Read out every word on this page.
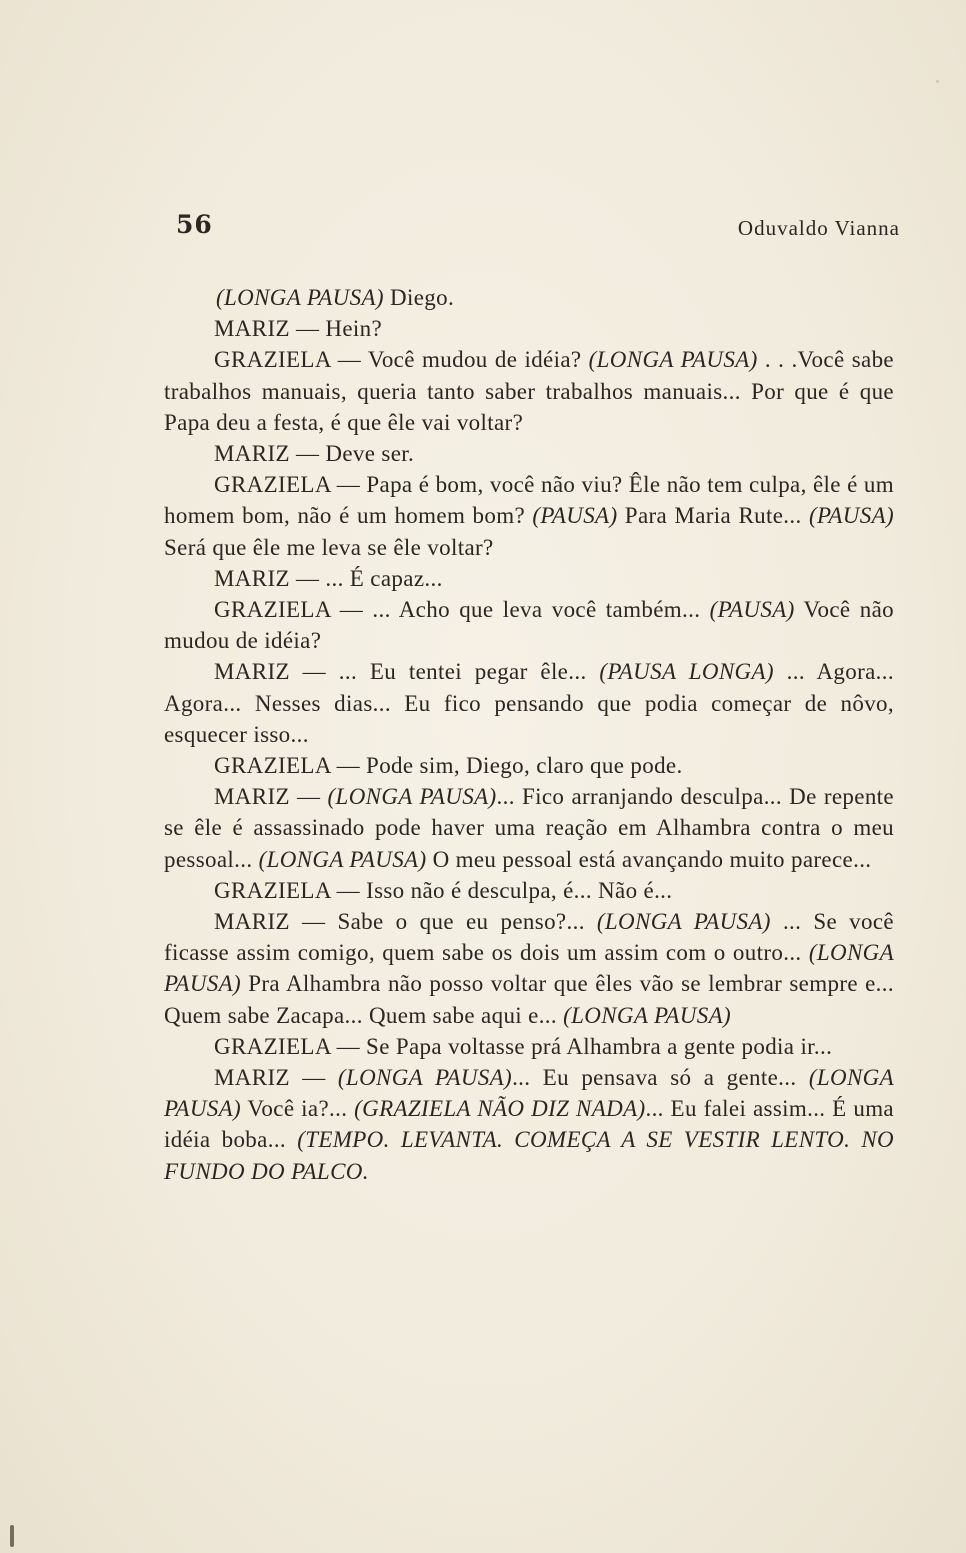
56	Oduvaldo Vianna

(LONGA PAUSA) Diego.

MARIZ — Hein?

GRAZIELA — Você mudou de idéia? (LONGA PAUSA) . . .Você sabe trabalhos manuais, queria tanto saber trabalhos manuais... Por que é que Papa deu a festa, é que êle vai voltar?

MARIZ — Deve ser.

GRAZIELA — Papa é bom, você não viu? Êle não tem culpa, êle é um homem bom, não é um homem bom? (PAUSA) Para Maria Rute... (PAUSA) Será que êle me leva se êle voltar?

MARIZ — ... É capaz...

GRAZIELA — ... Acho que leva você também... (PAUSA) Você não mudou de idéia?

MARIZ — ... Eu tentei pegar êle... (PAUSA LONGA) ... Agora... Agora... Nesses dias... Eu fico pensando que podia começar de nôvo, esquecer isso...

GRAZIELA — Pode sim, Diego, claro que pode.

MARIZ — (LONGA PAUSA)... Fico arranjando desculpa... De repente se êle é assassinado pode haver uma reação em Alhambra contra o meu pessoal... (LONGA PAUSA) O meu pessoal está avançando muito parece...

GRAZIELA — Isso não é desculpa, é... Não é...

MARIZ — Sabe o que eu penso?... (LONGA PAUSA) ... Se você ficasse assim comigo, quem sabe os dois um assim com o outro... (LONGA PAUSA) Pra Alhambra não posso voltar que êles vão se lembrar sempre e... Quem sabe Zacapa... Quem sabe aqui e... (LONGA PAUSA)

GRAZIELA — Se Papa voltasse prá Alhambra a gente podia ir...

MARIZ — (LONGA PAUSA)... Eu pensava só a gente... (LONGA PAUSA) Você ia?... (GRAZIELA NÃO DIZ NADA)... Eu falei assim... É uma idéia boba... (TEMPO. LEVANTA. COMEÇA A SE VESTIR LENTO. NO FUNDO DO PALCO.
